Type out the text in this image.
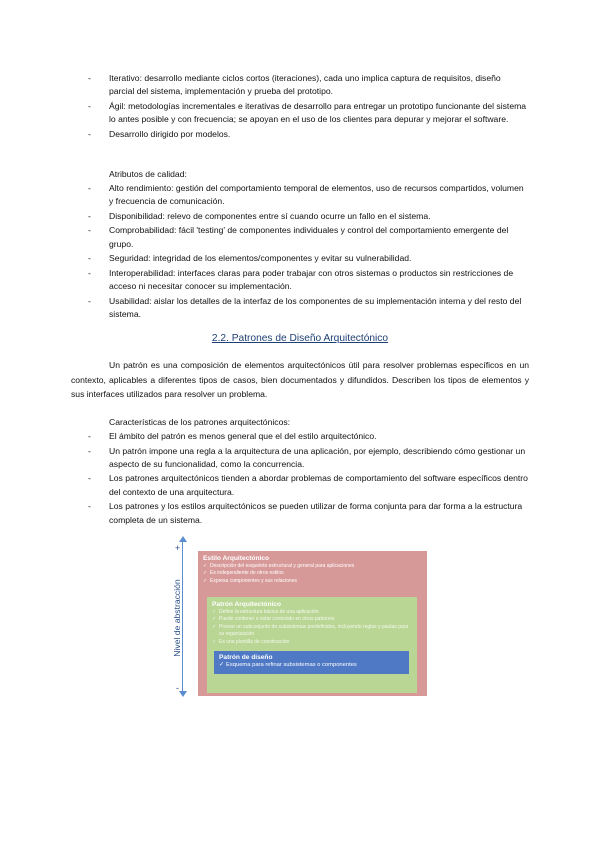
- Iterativo: desarrollo mediante ciclos cortos (iteraciones), cada uno implica captura de requisitos, diseño parcial del sistema, implementación y prueba del prototipo.
- Ágil: metodologías incrementales e iterativas de desarrollo para entregar un prototipo funcionante del sistema lo antes posible y con frecuencia; se apoyan en el uso de los clientes para depurar y mejorar el software.
- Desarrollo dirigido por modelos.
Atributos de calidad:
- Alto rendimiento: gestión del comportamiento temporal de elementos, uso de recursos compartidos, volumen y frecuencia de comunicación.
- Disponibilidad: relevo de componentes entre sí cuando ocurre un fallo en el sistema.
- Comprobabilidad: fácil 'testing' de componentes individuales y control del comportamiento emergente del grupo.
- Seguridad: integridad de los elementos/componentes y evitar su vulnerabilidad.
- Interoperabilidad: interfaces claras para poder trabajar con otros sistemas o productos sin restricciones de acceso ni necesitar conocer su implementación.
- Usabilidad: aislar los detalles de la interfaz de los componentes de su implementación interna y del resto del sistema.
2.2. Patrones de Diseño Arquitectónico

Un patrón es una composición de elementos arquitectónicos útil para resolver problemas específicos en un contexto, aplicables a diferentes tipos de casos, bien documentados y difundidos. Describen los tipos de elementos y sus interfaces utilizados para resolver un problema.

Características de los patrones arquitectónicos:
- El ámbito del patrón es menos general que el del estilo arquitectónico.
- Un patrón impone una regla a la arquitectura de una aplicación, por ejemplo, describiendo cómo gestionar un aspecto de su funcionalidad, como la concurrencia.
- Los patrones arquitectónicos tienden a abordar problemas de comportamiento del software específicos dentro del contexto de una arquitectura.
- Los patrones y los estilos arquitectónicos se pueden utilizar de forma conjunta para dar forma a la estructura completa de un sistema.
+
-
Nivel de abstracción
Estilo Arquitectónico
✓ Descripción del esqueleto estructural y general para aplicaciones
✓ Es independiente de otros estilos
✓ Expresa componentes y sus relaciones
Patrón Arquitectónico
✓ Define la estructura básica de una aplicación
✓ Puede contener o estar contenido en otros patrones
✓ Provee un subconjunto de subsistemas predefinidos, incluyendo reglas y pautas para su organización
✓ Es una plantilla de construcción
Patrón de diseño
✓ Esquema para refinar subsistemas o componentes
